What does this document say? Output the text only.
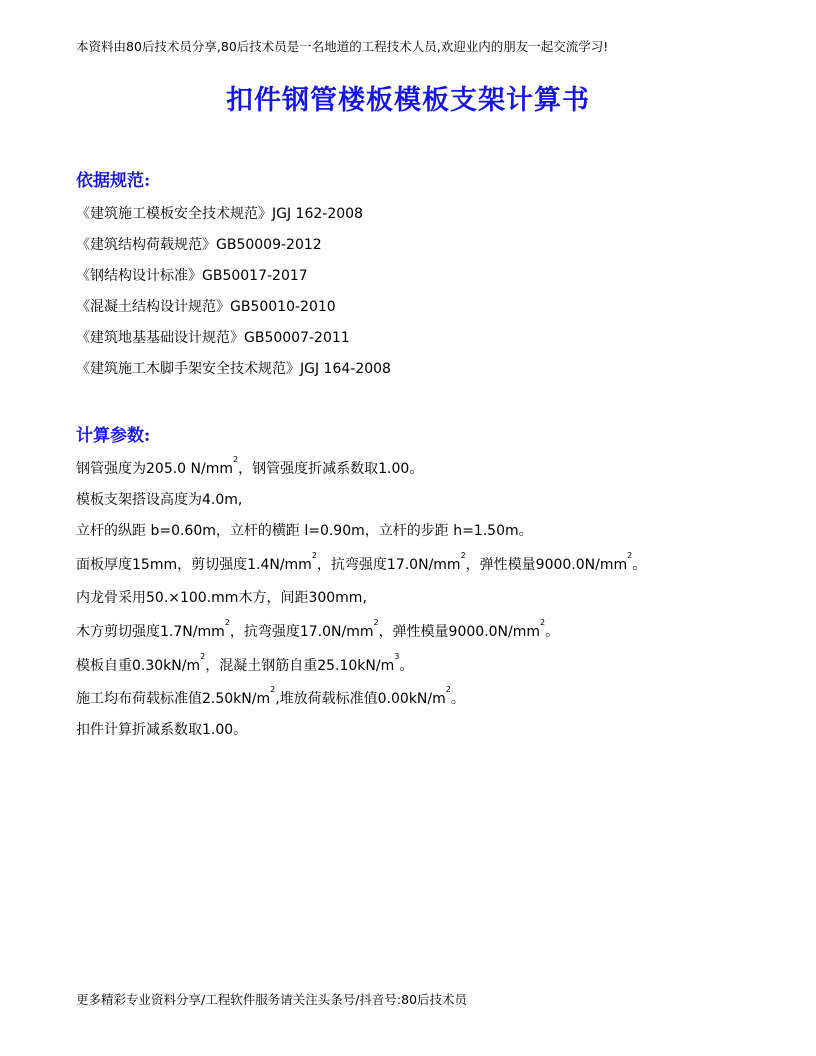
本资料由80后技术员分享,80后技术员是一名地道的工程技术人员,欢迎业内的朋友一起交流学习!
扣件钢管楼板模板支架计算书
依据规范:
《建筑施工模板安全技术规范》JGJ 162-2008
《建筑结构荷载规范》GB50009-2012
《钢结构设计标准》GB50017-2017
《混凝土结构设计规范》GB50010-2010
《建筑地基基础设计规范》GB50007-2011
《建筑施工木脚手架安全技术规范》JGJ 164-2008
计算参数:
钢管强度为205.0 $N/mm^2$，钢管强度折减系数取1.00。
模板支架搭设高度为4.0m,
立杆的纵距 b=0.60m，立杆的横距 l=0.90m，立杆的步距 h=1.50m。
面板厚度15mm，剪切强度$1.4N/mm^2$，抗弯强度$17.0N/mm^2$，弹性模量$9000.0N/mm^2$。
内龙骨采用50.×100.mm木方，间距300mm,
木方剪切强度$1.7N/mm^2$，抗弯强度$17.0N/mm^2$，弹性模量$9000.0N/mm^2$。
模板自重$0.30kN/m^2$，混凝土钢筋自重$25.10kN/m^3$。
施工均布荷载标准值$2.50kN/m^2$,堆放荷载标准值$0.00kN/m^2$。
扣件计算折减系数取1.00。
更多精彩专业资料分享/工程软件服务请关注头条号/抖音号:80后技术员
